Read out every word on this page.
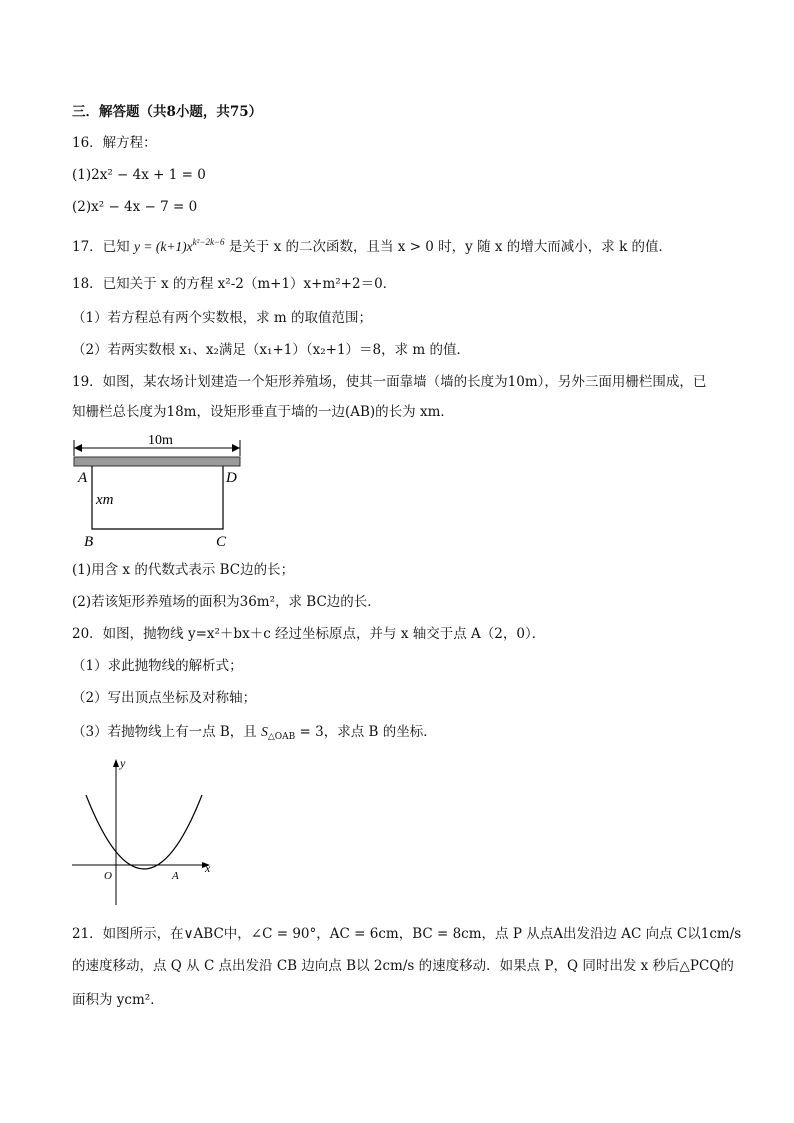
三．解答题（共8小题，共75）
16．解方程：
(1)2x² − 4x + 1 = 0
(2)x² − 4x − 7 = 0
17．已知 $y = (k+1)x^{k^2-2k-6}$ 是关于 x 的二次函数，且当 x > 0 时，y 随 x 的增大而减小，求 k 的值．
18．已知关于 x 的方程 x²-2（m+1）x+m²+2＝0．
（1）若方程总有两个实数根，求 m 的取值范围；
（2）若两实数根 x₁、x₂满足（x₁+1）（x₂+1）＝8，求 m 的值．
19．如图，某农场计划建造一个矩形养殖场，使其一面靠墙（墙的长度为10m），另外三面用栅栏围成，已
知栅栏总长度为18m，设矩形垂直于墙的一边(AB)的长为 xm．
10m
A	D
B	C
xm
(1)用含 x 的代数式表示 BC边的长；
(2)若该矩形养殖场的面积为36m²，求 BC边的长．
20．如图，抛物线 y=x²＋bx＋c 经过坐标原点，并与 x 轴交于点 A（2，0）．
（1）求此抛物线的解析式；
（2）写出顶点坐标及对称轴；
（3）若抛物线上有一点 B，且 $S_{\triangle OAB} = 3$，求点 B 的坐标．
y
x
O	A
21．如图所示，在∨ABC中，∠C = 90°，AC = 6cm，BC = 8cm，点 P 从点A出发沿边 AC 向点 C以1cm/s
的速度移动，点 Q 从 C 点出发沿 CB 边向点 B以 2cm/s 的速度移动．如果点 P，Q 同时出发 x 秒后△PCQ的
面积为 ycm²．
